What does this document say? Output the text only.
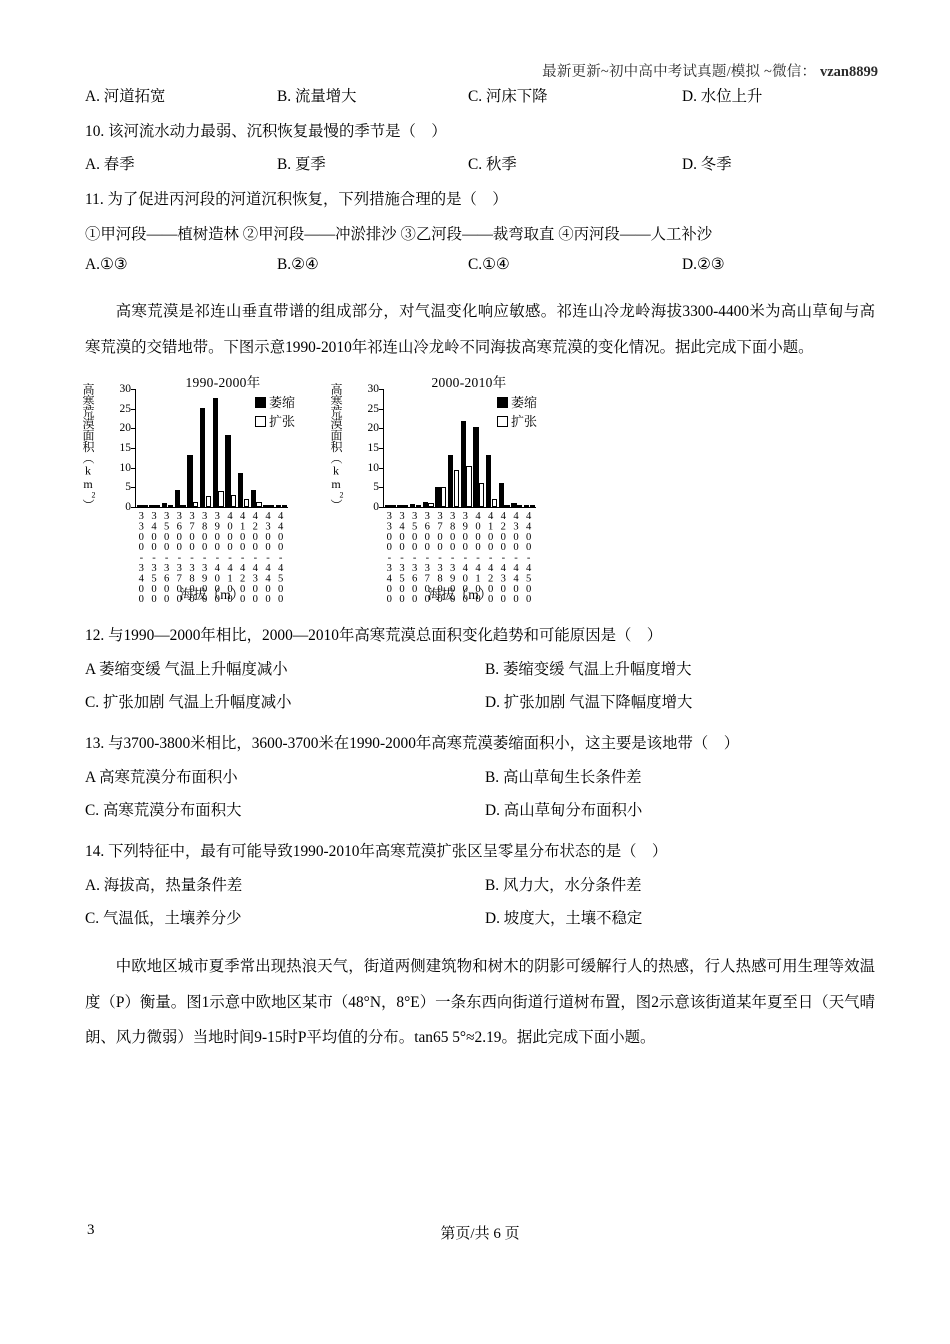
最新更新~初中高中考试真题/模拟 ~微信： vzan8899
A. 河道拓宽	B. 流量增大	C. 河床下降	D. 水位上升
10. 该河流水动力最弱、沉积恢复最慢的季节是（　）
A. 春季	B. 夏季	C. 秋季	D. 冬季
11. 为了促进丙河段的河道沉积恢复，下列措施合理的是（　）
①甲河段——植树造林 ②甲河段——冲淤排沙 ③乙河段——裁弯取直 ④丙河段——人工补沙
A.①③	B.②④	C.①④	D.②③

高寒荒漠是祁连山垂直带谱的组成部分，对气温变化响应敏感。祁连山冷龙岭海拔3300-4400米为高山草甸与高寒荒漠的交错地带。下图示意1990-2010年祁连山冷龙岭不同海拔高寒荒漠的变化情况。据此完成下面小题。

1990-2000年
高寒荒漠面积$(km^2)$	0
5
10
15
20
25
30
3300-3400 3400-3500 3500-3600 3600-3700 3700-3800 3800-3900 3900-4000 4000-4100 4100-4200 4200-4300 4300-4400 4400-4500
海拔（m）
萎缩
扩张
2000-2010年
高寒荒漠面积$(km^2)$	0
5
10
15
20
25
30
3300-3400 3400-3500 3500-3600 3600-3700 3700-3800 3800-3900 3900-4000 4000-4100 4100-4200 4200-4300 4300-4400 4400-4500
海拔（m）
萎缩
扩张
12. 与1990—2000年相比，2000—2010年高寒荒漠总面积变化趋势和可能原因是（　）
A 萎缩变缓 气温上升幅度减小	B. 萎缩变缓 气温上升幅度增大
C. 扩张加剧 气温上升幅度减小	D. 扩张加剧 气温下降幅度增大
13. 与3700-3800米相比，3600-3700米在1990-2000年高寒荒漠萎缩面积小，这主要是该地带（　）
A 高寒荒漠分布面积小	B. 高山草甸生长条件差
C. 高寒荒漠分布面积大	D. 高山草甸分布面积小
14. 下列特征中，最有可能导致1990-2010年高寒荒漠扩张区呈零星分布状态的是（　）
A. 海拔高，热量条件差	B. 风力大，水分条件差
C. 气温低，土壤养分少	D. 坡度大，土壤不稳定

中欧地区城市夏季常出现热浪天气，街道两侧建筑物和树木的阴影可缓解行人的热感，行人热感可用生理等效温度（P）衡量。图1示意中欧地区某市（48°N，8°E）一条东西向街道行道树布置，图2示意该街道某年夏至日（天气晴朗、风力微弱）当地时间9-15时P平均值的分布。tan65 5°≈2.19。据此完成下面小题。

3	第页/共 6 页
